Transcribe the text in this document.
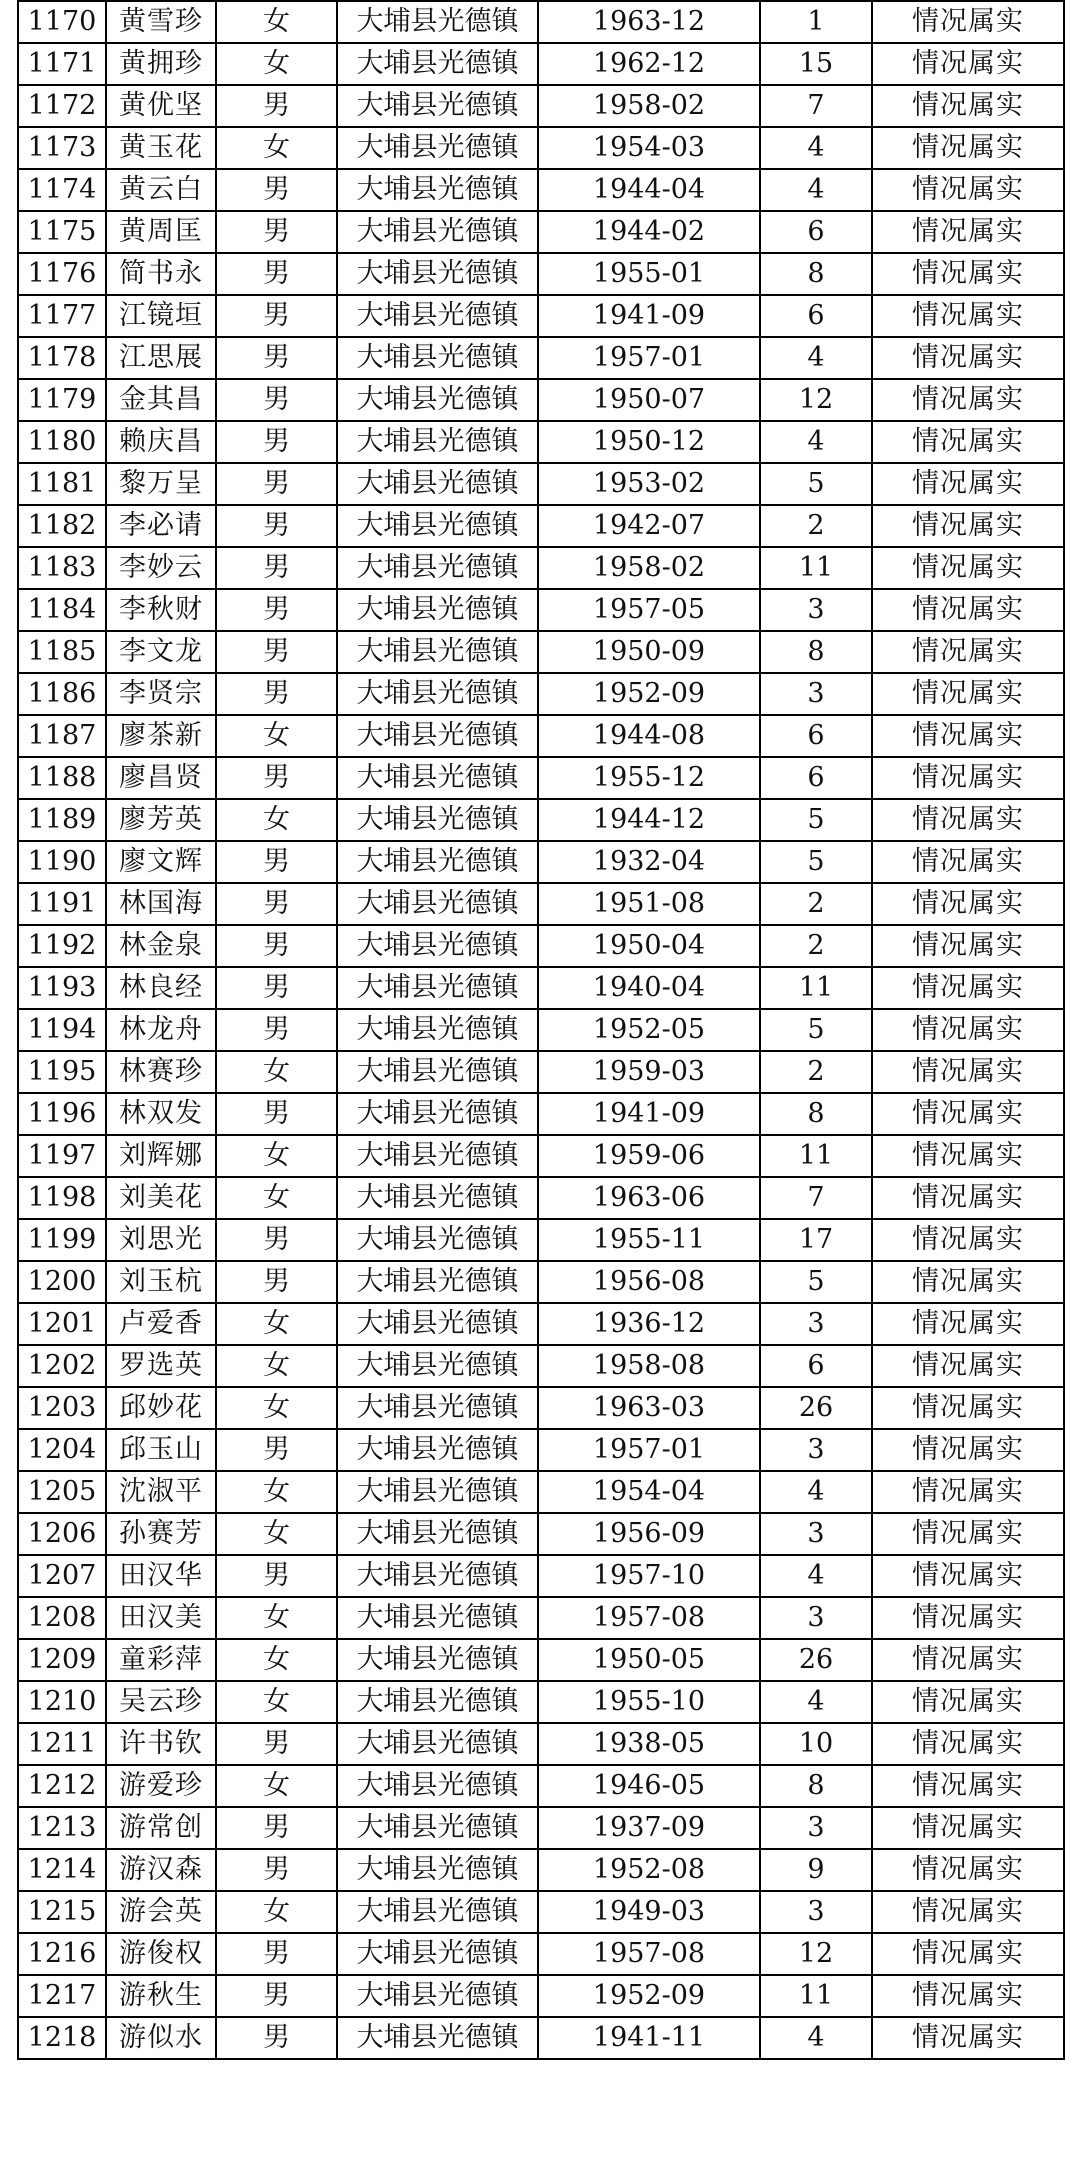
1170	黄雪珍	女	大埔县光德镇	1963-12	1	情况属实
1171	黄拥珍	女	大埔县光德镇	1962-12	15	情况属实
1172	黄优坚	男	大埔县光德镇	1958-02	7	情况属实
1173	黄玉花	女	大埔县光德镇	1954-03	4	情况属实
1174	黄云白	男	大埔县光德镇	1944-04	4	情况属实
1175	黄周匡	男	大埔县光德镇	1944-02	6	情况属实
1176	简书永	男	大埔县光德镇	1955-01	8	情况属实
1177	江镜垣	男	大埔县光德镇	1941-09	6	情况属实
1178	江思展	男	大埔县光德镇	1957-01	4	情况属实
1179	金其昌	男	大埔县光德镇	1950-07	12	情况属实
1180	赖庆昌	男	大埔县光德镇	1950-12	4	情况属实
1181	黎万呈	男	大埔县光德镇	1953-02	5	情况属实
1182	李必请	男	大埔县光德镇	1942-07	2	情况属实
1183	李妙云	男	大埔县光德镇	1958-02	11	情况属实
1184	李秋财	男	大埔县光德镇	1957-05	3	情况属实
1185	李文龙	男	大埔县光德镇	1950-09	8	情况属实
1186	李贤宗	男	大埔县光德镇	1952-09	3	情况属实
1187	廖茶新	女	大埔县光德镇	1944-08	6	情况属实
1188	廖昌贤	男	大埔县光德镇	1955-12	6	情况属实
1189	廖芳英	女	大埔县光德镇	1944-12	5	情况属实
1190	廖文辉	男	大埔县光德镇	1932-04	5	情况属实
1191	林国海	男	大埔县光德镇	1951-08	2	情况属实
1192	林金泉	男	大埔县光德镇	1950-04	2	情况属实
1193	林良经	男	大埔县光德镇	1940-04	11	情况属实
1194	林龙舟	男	大埔县光德镇	1952-05	5	情况属实
1195	林赛珍	女	大埔县光德镇	1959-03	2	情况属实
1196	林双发	男	大埔县光德镇	1941-09	8	情况属实
1197	刘辉娜	女	大埔县光德镇	1959-06	11	情况属实
1198	刘美花	女	大埔县光德镇	1963-06	7	情况属实
1199	刘思光	男	大埔县光德镇	1955-11	17	情况属实
1200	刘玉杭	男	大埔县光德镇	1956-08	5	情况属实
1201	卢爱香	女	大埔县光德镇	1936-12	3	情况属实
1202	罗选英	女	大埔县光德镇	1958-08	6	情况属实
1203	邱妙花	女	大埔县光德镇	1963-03	26	情况属实
1204	邱玉山	男	大埔县光德镇	1957-01	3	情况属实
1205	沈淑平	女	大埔县光德镇	1954-04	4	情况属实
1206	孙赛芳	女	大埔县光德镇	1956-09	3	情况属实
1207	田汉华	男	大埔县光德镇	1957-10	4	情况属实
1208	田汉美	女	大埔县光德镇	1957-08	3	情况属实
1209	童彩萍	女	大埔县光德镇	1950-05	26	情况属实
1210	吴云珍	女	大埔县光德镇	1955-10	4	情况属实
1211	许书钦	男	大埔县光德镇	1938-05	10	情况属实
1212	游爱珍	女	大埔县光德镇	1946-05	8	情况属实
1213	游常创	男	大埔县光德镇	1937-09	3	情况属实
1214	游汉森	男	大埔县光德镇	1952-08	9	情况属实
1215	游会英	女	大埔县光德镇	1949-03	3	情况属实
1216	游俊权	男	大埔县光德镇	1957-08	12	情况属实
1217	游秋生	男	大埔县光德镇	1952-09	11	情况属实
1218	游似水	男	大埔县光德镇	1941-11	4	情况属实
